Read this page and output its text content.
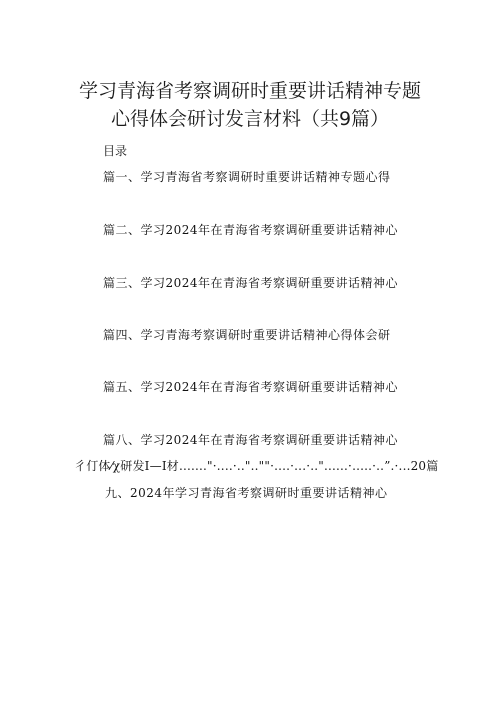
学习青海省考察调研时重要讲话精神专题
心得体会研讨发言材料（共9篇）
目录
篇一、学习青海省考察调研时重要讲话精神专题心得
篇二、学习2024年在青海省考察调研重要讲话精神心
篇三、学习2024年在青海省考察调研重要讲话精神心
篇四、学习青海考察调研时重要讲话精神心得体会研
篇五、学习2024年在青海省考察调研重要讲话精神心
篇八、学习2024年在青海省考察调研重要讲话精神心
彳仃体⁄χ研发I—I材......."·....·.."..""·....·...·.."......·.....·..”.·...20篇
九、2024年学习青海省考察调研时重要讲话精神心
